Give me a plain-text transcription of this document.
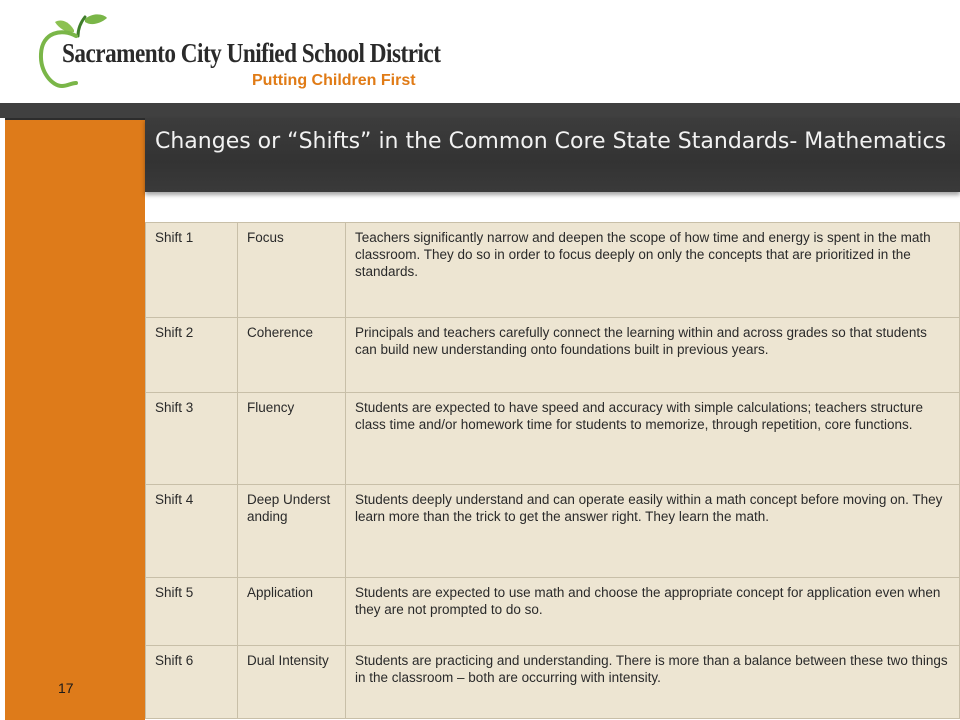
Sacramento City Unified School District
Putting Children First
Changes or “Shifts” in the Common Core State Standards- Mathematics
Shift 1	Focus	Teachers significantly narrow and deepen the scope of how time and energy is spent in the math classroom. They do so in order to focus deeply on only the concepts that are prioritized in the standards.
Shift 2	Coherence	Principals and teachers carefully connect the learning within and across grades so that students can build new understanding onto foundations built in previous years.
Shift 3	Fluency	Students are expected to have speed and accuracy with simple calculations; teachers structure class time and/or homework time for students to memorize, through repetition, core functions.
Shift 4	Deep Understanding	Students deeply understand and can operate easily within a math concept before moving on. They learn more than the trick to get the answer right. They learn the math.
Shift 5	Application	Students are expected to use math and choose the appropriate concept for application even when they are not prompted to do so.
Shift 6	Dual Intensity	Students are practicing and understanding. There is more than a balance between these two things in the classroom – both are occurring with intensity.
17
